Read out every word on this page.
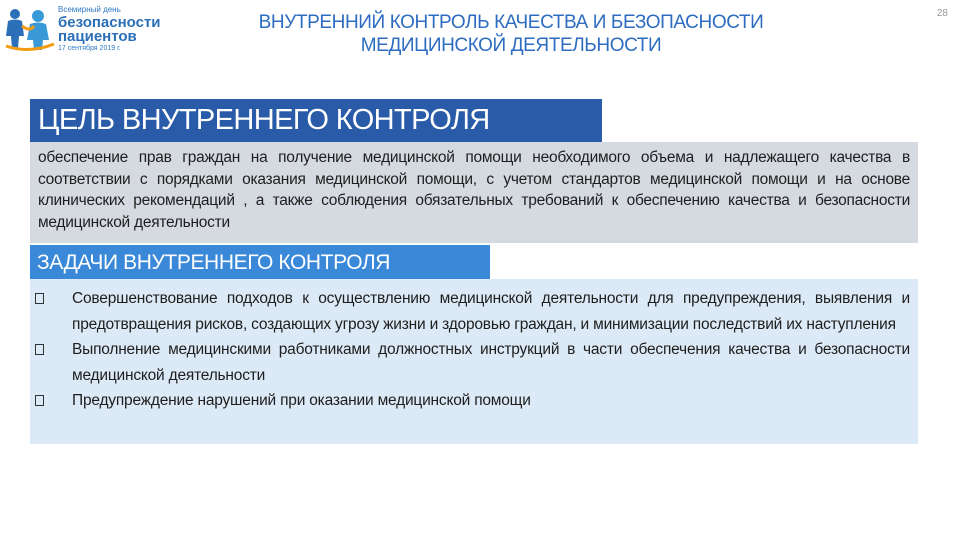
Всемирный день
безопасности
пациентов
17 сентября 2019 г.
ВНУТРЕННИЙ КОНТРОЛЬ КАЧЕСТВА И БЕЗОПАСНОСТИ
МЕДИЦИНСКОЙ ДЕЯТЕЛЬНОСТИ
28
ЦЕЛЬ ВНУТРЕННЕГО КОНТРОЛЯ
обеспечение прав граждан на получение медицинской помощи необходимого объема и надлежащего качества в соответствии с порядками оказания медицинской помощи, с учетом стандартов медицинской помощи и на основе клинических рекомендаций , а также соблюдения обязательных требований к обеспечению качества и безопасности медицинской деятельности
ЗАДАЧИ ВНУТРЕННЕГО КОНТРОЛЯ
Совершенствование подходов к осуществлению медицинской деятельности для предупреждения, выявления и предотвращения рисков, создающих угрозу жизни и здоровью граждан, и минимизации последствий их наступления
Выполнение медицинскими работниками должностных инструкций в части обеспечения качества и безопасности медицинской деятельности
Предупреждение нарушений при оказании медицинской помощи
